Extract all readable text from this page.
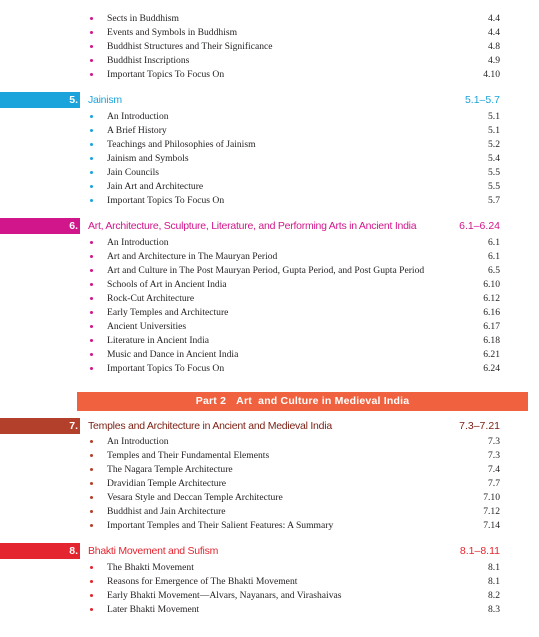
Sects in Buddhism	4.4
Events and Symbols in Buddhism	4.4
Buddhist Structures and Their Significance	4.8
Buddhist Inscriptions	4.9
Important Topics To Focus On	4.10
5. Jainism	5.1–5.7
An Introduction	5.1
A Brief History	5.1
Teachings and Philosophies of Jainism	5.2
Jainism and Symbols	5.4
Jain Councils	5.5
Jain Art and Architecture	5.5
Important Topics To Focus On	5.7
6. Art, Architecture, Sculpture, Literature, and Performing Arts in Ancient India	6.1–6.24
An Introduction	6.1
Art and Architecture in The Mauryan Period	6.1
Art and Culture in The Post Mauryan Period, Gupta Period, and Post Gupta Period	6.5
Schools of Art in Ancient India	6.10
Rock-Cut Architecture	6.12
Early Temples and Architecture	6.16
Ancient Universities	6.17
Literature in Ancient India	6.18
Music and Dance in Ancient India	6.21
Important Topics To Focus On	6.24
Part 2 Art  and Culture in Medieval India
7. Temples and Architecture in Ancient and Medieval India	7.3–7.21
An Introduction	7.3
Temples and Their Fundamental Elements	7.3
The Nagara Temple Architecture	7.4
Dravidian Temple Architecture	7.7
Vesara Style and Deccan Temple Architecture	7.10
Buddhist and Jain Architecture	7.12
Important Temples and Their Salient Features: A Summary	7.14
8. Bhakti Movement and Sufism	8.1–8.11
The Bhakti Movement	8.1
Reasons for Emergence of The Bhakti Movement	8.1
Early Bhakti Movement—Alvars, Nayanars, and Virashaivas	8.2
Later Bhakti Movement	8.3
